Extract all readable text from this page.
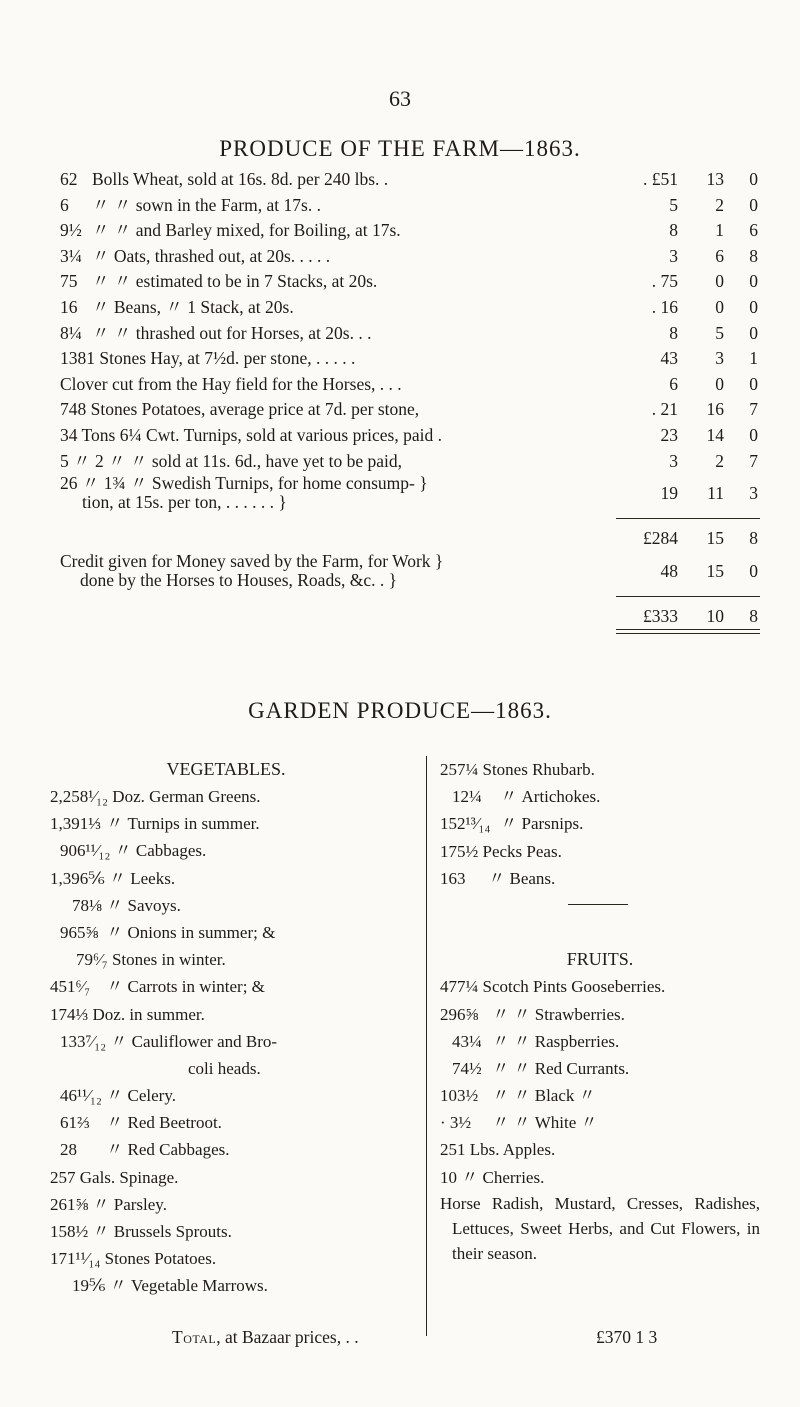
63
PRODUCE OF THE FARM—1863.
62 Bolls Wheat, sold at 16s. 8d. per 240 lbs. .	. £51	13	0
6 〃 〃 sown in the Farm, at 17s. .	5	2	0
9½ 〃 〃 and Barley mixed, for Boiling, at 17s.	8	1	6
3¼ 〃 Oats, thrashed out, at 20s. . . . .	3	6	8
75 〃 〃 estimated to be in 7 Stacks, at 20s.	. 75	0	0
16 〃 Beans, 〃 1 Stack, at 20s.	. 16	0	0
8¼ 〃 〃 thrashed out for Horses, at 20s. . .	8	5	0
1381 Stones Hay, at 7½d. per stone, . . . . .	43	3	1
Clover cut from the Hay field for the Horses, . . .	6	0	0
748 Stones Potatoes, average price at 7d. per stone,	. 21	16	7
34 Tons 6¼ Cwt. Turnips, sold at various prices, paid .	23	14	0
5 〃 2 〃 〃 sold at 11s. 6d., have yet to be paid,	3	2	7
26 〃 1¾ 〃 Swedish Turnips, for home consump- }
tion, at 15s. per ton, . . . . . . }	19	11	3
£284	15	8
Credit given for Money saved by the Farm, for Work }
done by the Horses to Houses, Roads, &c. . }	48	15	0
£333	10	8
GARDEN PRODUCE—1863.
VEGETABLES.
2,258¹⁄₁₂ Doz. German Greens.
1,391⅓ 〃 Turnips in summer.
906¹¹⁄₁₂ 〃 Cabbages.
1,396⅚ 〃 Leeks.
78⅛ 〃 Savoys.
965⅝ 〃 Onions in summer; &
79⁶⁄₇ Stones in winter.
451⁶⁄₇ 〃 Carrots in winter; &
174⅓ Doz. in summer.
133⁷⁄₁₂ 〃 Cauliflower and Bro-
coli heads.
46¹¹⁄₁₂ 〃 Celery.
61⅔ 〃 Red Beetroot.
28 〃 Red Cabbages.
257 Gals. Spinage.
261⅝ 〃 Parsley.
158½ 〃 Brussels Sprouts.
171¹¹⁄₁₄ Stones Potatoes.
19⅚ 〃 Vegetable Marrows.
257¼ Stones Rhubarb.
12¼ 〃 Artichokes.
152¹³⁄₁₄ 〃 Parsnips.
175½ Pecks Peas.
163 〃 Beans.
FRUITS.
477¼ Scotch Pints Gooseberries.
296⅝ 〃 〃 Strawberries.
43¼ 〃 〃 Raspberries.
74½ 〃 〃 Red Currants.
103½ 〃 〃 Black 〃
· 3½ 〃 〃 White 〃
251 Lbs. Apples.
10 〃 Cherries.
Horse Radish, Mustard, Cresses, Radishes, Lettuces, Sweet Herbs, and Cut Flowers, in their season.
Total, at Bazaar prices, . .	£370 1 3
